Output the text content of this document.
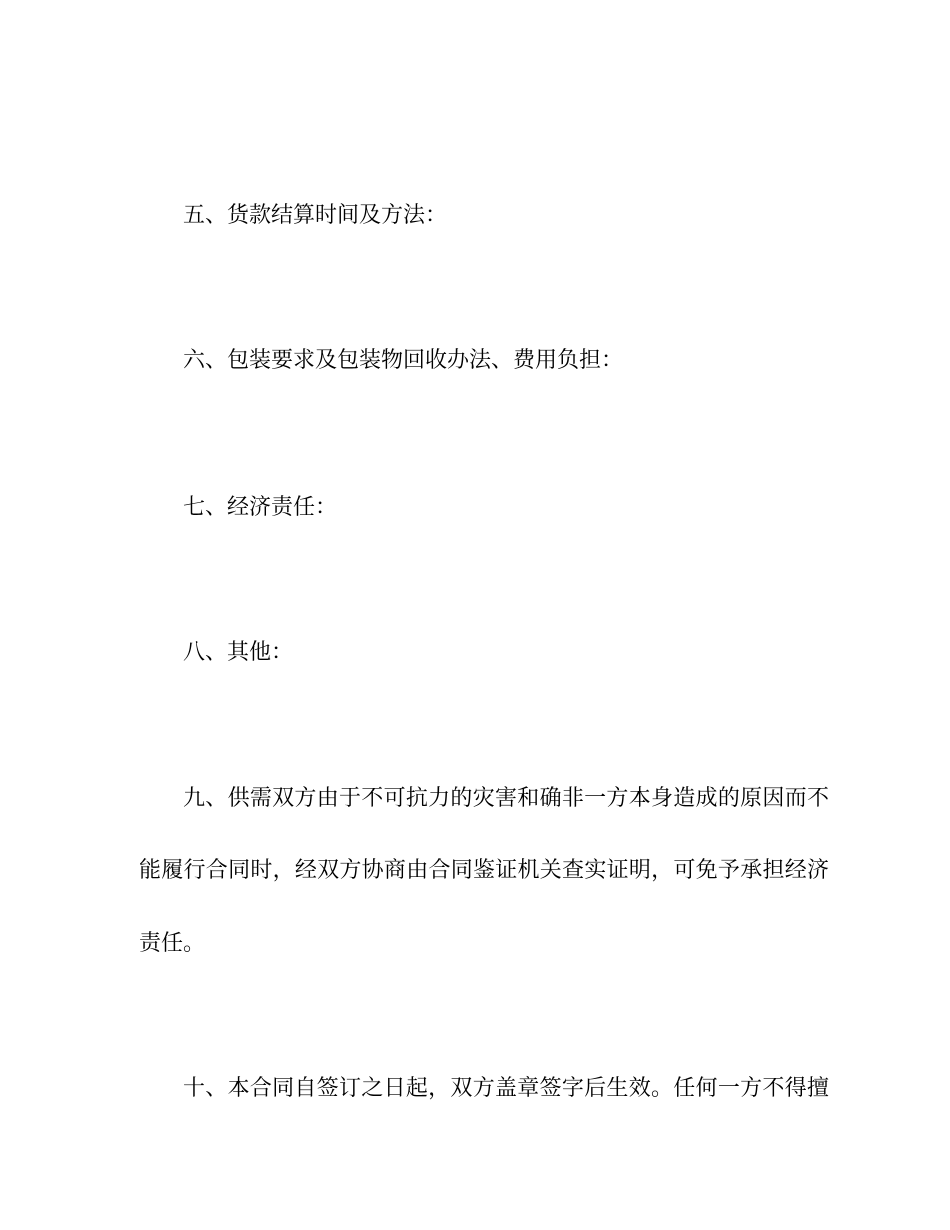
五、货款结算时间及方法：

六、包装要求及包装物回收办法、费用负担：

七、经济责任：

八、其他：

九、供需双方由于不可抗力的灾害和确非一方本身造成的原因而不

能履行合同时，经双方协商由合同鉴证机关查实证明，可免予承担经济

责任。

十、本合同自签订之日起，双方盖章签字后生效。任何一方不得擅
